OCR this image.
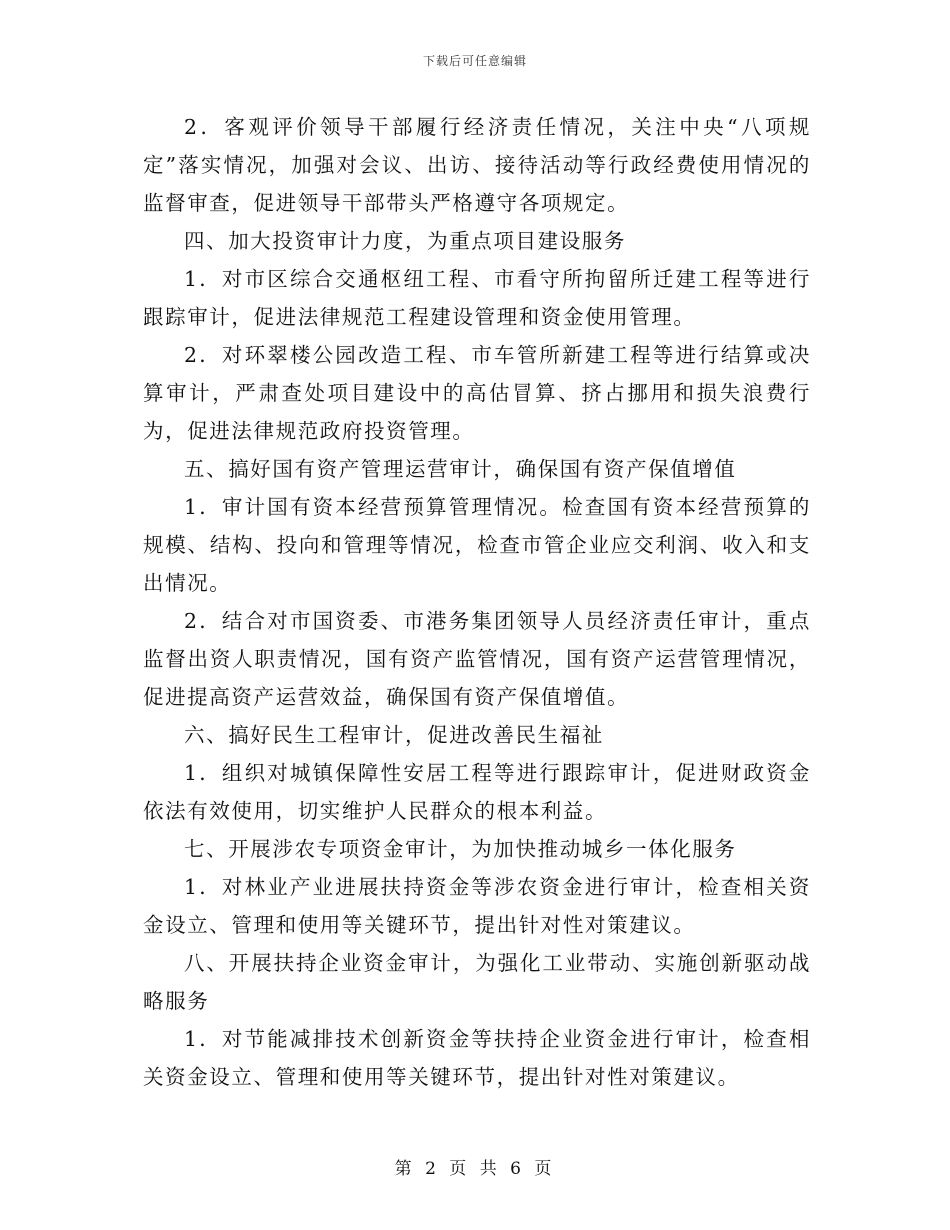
下载后可任意编辑

2．客观评价领导干部履行经济责任情况，关注中央“八项规定”落实情况，加强对会议、出访、接待活动等行政经费使用情况的监督审查，促进领导干部带头严格遵守各项规定。

四、加大投资审计力度，为重点项目建设服务

1．对市区综合交通枢纽工程、市看守所拘留所迁建工程等进行跟踪审计，促进法律规范工程建设管理和资金使用管理。

2．对环翠楼公园改造工程、市车管所新建工程等进行结算或决算审计，严肃查处项目建设中的高估冒算、挤占挪用和损失浪费行为，促进法律规范政府投资管理。

五、搞好国有资产管理运营审计，确保国有资产保值增值

1．审计国有资本经营预算管理情况。检查国有资本经营预算的规模、结构、投向和管理等情况，检查市管企业应交利润、收入和支出情况。

2．结合对市国资委、市港务集团领导人员经济责任审计，重点监督出资人职责情况，国有资产监管情况，国有资产运营管理情况，促进提高资产运营效益，确保国有资产保值增值。

六、搞好民生工程审计，促进改善民生福祉

1．组织对城镇保障性安居工程等进行跟踪审计，促进财政资金依法有效使用，切实维护人民群众的根本利益。

七、开展涉农专项资金审计，为加快推动城乡一体化服务

1．对林业产业进展扶持资金等涉农资金进行审计，检查相关资金设立、管理和使用等关键环节，提出针对性对策建议。

八、开展扶持企业资金审计，为强化工业带动、实施创新驱动战略服务

1．对节能减排技术创新资金等扶持企业资金进行审计，检查相关资金设立、管理和使用等关键环节，提出针对性对策建议。

第 2 页 共 6 页
